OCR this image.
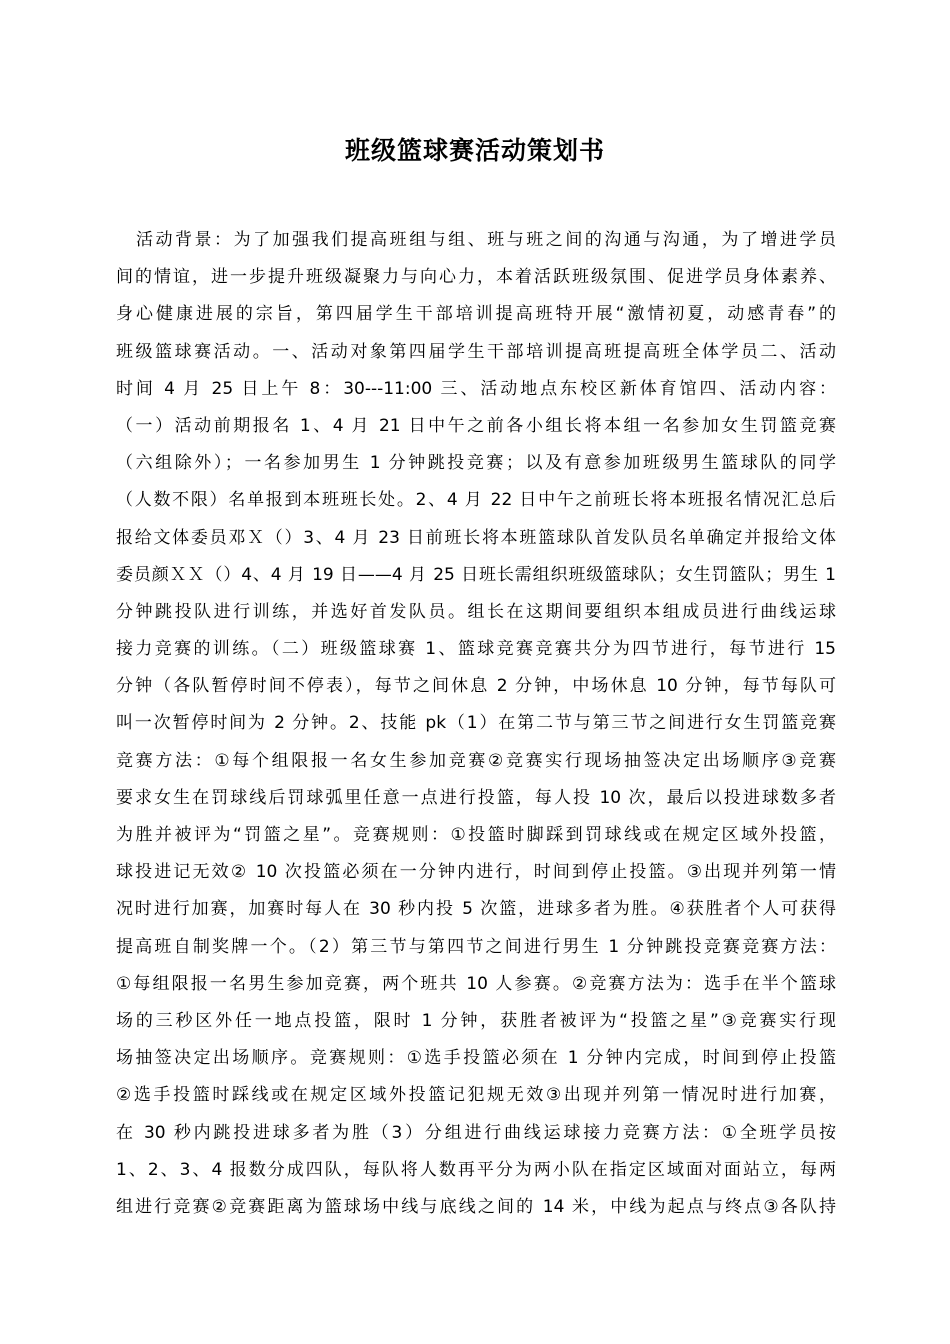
班级篮球赛活动策划书
活动背景：为了加强我们提高班组与组、班与班之间的沟通与沟通，为了增进学员
间的情谊，进一步提升班级凝聚力与向心力，本着活跃班级氛围、促进学员身体素养、
身心健康进展的宗旨，第四届学生干部培训提高班特开展“激情初夏，动感青春”的
班级篮球赛活动。一、活动对象第四届学生干部培训提高班提高班全体学员二、活动
时间 4 月 25 日上午 8：30---11:00 三、活动地点东校区新体育馆四、活动内容：
（一）活动前期报名 1、4 月 21 日中午之前各小组长将本组一名参加女生罚篮竞赛
（六组除外）；一名参加男生 1 分钟跳投竞赛；以及有意参加班级男生篮球队的同学
（人数不限）名单报到本班班长处。2、4 月 22 日中午之前班长将本班报名情况汇总后
报给文体委员邓Ｘ（）3、4 月 23 日前班长将本班篮球队首发队员名单确定并报给文体
委员颜ＸＸ（）4、4 月 19 日——4 月 25 日班长需组织班级篮球队；女生罚篮队；男生 1
分钟跳投队进行训练，并选好首发队员。组长在这期间要组织本组成员进行曲线运球
接力竞赛的训练。（二）班级篮球赛 1、篮球竞赛竞赛共分为四节进行，每节进行 15
分钟（各队暂停时间不停表），每节之间休息 2 分钟，中场休息 10 分钟，每节每队可
叫一次暂停时间为 2 分钟。2、技能 pk（1）在第二节与第三节之间进行女生罚篮竞赛
竞赛方法：①每个组限报一名女生参加竞赛②竞赛实行现场抽签决定出场顺序③竞赛
要求女生在罚球线后罚球弧里任意一点进行投篮，每人投 10 次，最后以投进球数多者
为胜并被评为“罚篮之星”。竞赛规则：①投篮时脚踩到罚球线或在规定区域外投篮，
球投进记无效② 10 次投篮必须在一分钟内进行，时间到停止投篮。③出现并列第一情
况时进行加赛，加赛时每人在 30 秒内投 5 次篮，进球多者为胜。④获胜者个人可获得
提高班自制奖牌一个。（2）第三节与第四节之间进行男生 1 分钟跳投竞赛竞赛方法：
①每组限报一名男生参加竞赛，两个班共 10 人参赛。②竞赛方法为：选手在半个篮球
场的三秒区外任一地点投篮，限时 1 分钟，获胜者被评为“投篮之星”③竞赛实行现
场抽签决定出场顺序。竞赛规则：①选手投篮必须在 1 分钟内完成，时间到停止投篮
②选手投篮时踩线或在规定区域外投篮记犯规无效③出现并列第一情况时进行加赛，
在 30 秒内跳投进球多者为胜（3）分组进行曲线运球接力竞赛方法：①全班学员按
1、2、3、4 报数分成四队，每队将人数再平分为两小队在指定区域面对面站立，每两
组进行竞赛②竞赛距离为篮球场中线与底线之间的 14 米，中线为起点与终点③各队持
